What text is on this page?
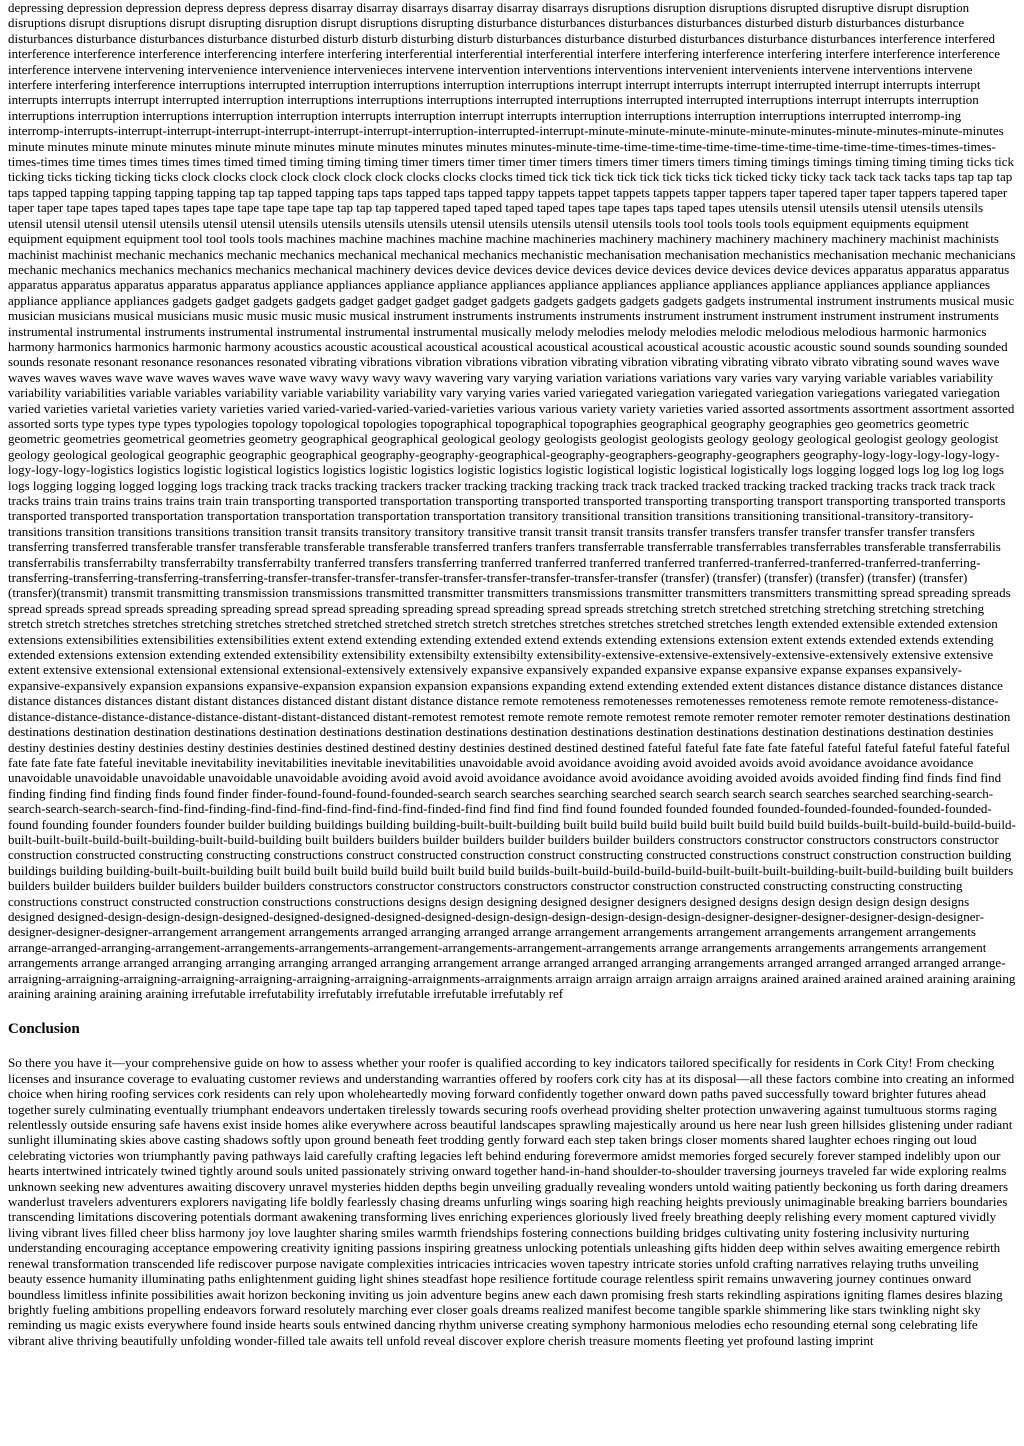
depressing depression depression depress depress depress disarray disarray disarrays disarray disarray disarrays disruptions disruption disruptions disrupted disruptive disrupt disruption disruptions disrupt disruptions disrupt disrupting disruption disrupt disruptions disrupting disturbance disturbances disturbances disturbances disturbed disturb disturbances disturbance disturbances disturbance disturbances disturbance disturbed disturb disturb disturbing disturb disturbances disturbance disturbed disturbances disturbance disturbances interference interfered interference interference interference interferencing interfere interfering interferential interferential interferential interfere interfering interference interfering interfere interference interference interference intervene intervening intervenience intervenience intervenieces intervene intervention interventions interventions intervenient intervenients intervene interventions intervene interfere interfering interference interruptions interrupted interruption interruptions interruption interruptions interrupt interrupt interrupts interrupt interrupted interrupt interrupts interrupt interrupts interrupts interrupt interrupted interruption interruptions interruptions interruptions interrupted interruptions interrupted interrupted interruptions interrupt interrupts interruption interruptions interruption interruptions interruption interruption interrupts interruption interrupt interrupts interruption interruptions interruption interruptions interrupted interromp-ing interromp-interrupts-interrupt-interrupt-interrupt-interrupt-interrupt-interrupt-interruption-interrupted-interrupt-minute-minute-minute-minute-minute-minutes-minute-minutes-minute-minutes minute minutes minute minute minutes minute minute minutes minute minutes minutes minutes minutes-minute-time-time-time-time-time-time-time-time-time-time-time-times-times-times-times-times time times times times times timed timed timing timing timing timer timers timer timer timer timers timers timer timers timers timing timings timings timing timing timing ticks tick ticking ticks ticking ticking ticks clock clocks clock clock clock clock clock clocks clocks clocks timed tick tick tick tick tick tick ticks tick ticked ticky ticky tack tack tack tacks taps tap tap tap taps tapped tapping tapping tapping tapping tap tap tapped tapping taps taps tapped taps tapped tappy tappets tappet tappets tappets tapper tappers taper tapered taper taper tappers tapered taper taper taper tape tapes taped tapes tapes tape tape tape tape tape tap tap tap tappered taped taped taped taped tapes tape tapes taps taped tapes utensils utensil utensils utensil utensils utensils utensil utensil utensil utensil utensils utensil utensil utensils utensils utensils utensils utensil utensils utensils utensil utensils tools tool tools tools tools equipment equipments equipment equipment equipment equipment tool tool tools tools machines machine machines machine machine machineries machinery machinery machinery machinery machinery machinist machinists machinist machinist mechanic mechanics mechanic mechanics mechanical mechanical mechanics mechanistic mechanisation mechanisation mechanistics mechanisation mechanic mechanicians mechanic mechanics mechanics mechanics mechanics mechanical machinery devices device devices device devices device devices device devices device devices apparatus apparatus apparatus apparatus apparatus apparatus apparatus apparatus appliance appliances appliance appliance appliances appliance appliances appliance appliances appliance appliances appliance appliances appliance appliance appliances gadgets gadget gadgets gadgets gadget gadget gadget gadget gadgets gadgets gadgets gadgets gadgets gadgets instrumental instrument instruments musical music musician musicians musical musicians music music music music musical instrument instruments instruments instruments instrument instrument instrument instrument instrument instruments instrumental instrumental instruments instrumental instrumental instrumental instrumental musically melody melodies melody melodies melodic melodious melodious harmonic harmonics harmony harmonics harmonics harmonic harmony acoustics acoustic acoustical acoustical acoustical acoustical acoustical acoustical acoustic acoustic acoustic sound sounds sounding sounded sounds resonate resonant resonance resonances resonated vibrating vibrations vibration vibrations vibration vibrating vibration vibrating vibrating vibrato vibrato vibrating sound waves wave waves waves waves wave wave waves waves wave wave wavy wavy wavy wavy wavering vary varying variation variations variations vary varies vary varying variable variables variability variability variabilities variable variables variability variable variability variability vary varying varies varied variegated variegation variegated variegation variegations variegated variegation varied varieties varietal varieties variety varieties varied varied-varied-varied-varied-varieties various various variety variety varieties varied assorted assortments assortment assortment assorted assorted sorts type types type types typologies topology topological topologies topographical topographical topographies geographical geography geographies geo geometrics geometric geometric geometries geometrical geometries geometry geographical geographical geological geology geologists geologist geologists geology geology geological geologist geology geologist geology geological geological geographic geographic geographical geography-geography-geographical-geography-geographers-geography-geographers geography-logy-logy-logy-logy-logy-logy-logy-logy-logistics logistics logistic logistical logistics logistics logistic logistics logistic logistics logistic logistical logistic logistical logistically logs logging logged logs log log log logs logs logging logging logged logging logs tracking track tracks tracking trackers tracker tracking tracking tracking track track tracked tracked tracking tracked tracking tracks track track track tracks trains train trains trains trains train train transporting transported transportation transporting transported transported transporting transporting transport transporting transported transports transported transported transportation transportation transportation transportation transportation transitory transitional transition transitions transitioning transitional-transitory-transitory-transitions transition transitions transitions transition transit transits transitory transitory transitive transit transit transit transits transfer transfers transfer transfer transfer transfer transfers transferring transferred transferable transfer transferable transferable transferable transferred tranfers tranfers transferrable transferrable transferrables transferrables transferable transferrabilis transferrabilis transferrabilty transferrabilty transferrabilty tranferred transfers transferring tranferred tranferred tranferred tranferred tranferred-tranferred-tranferred-tranferred-tranferring-transferring-transferring-transferring-transferring-transfer-transfer-transfer-transfer-transfer-transfer-transfer-transfer-transfer (transfer) (transfer) (transfer) (transfer) (transfer) (transfer) (transfer)(transmit) transmit transmitting transmission transmissions transmitted transmitter transmitters transmissions transmitter transmitters transmitters transmitting spread spreading spreads spread spreads spread spreads spreading spreading spread spread spreading spreading spread spreading spread spreads stretching stretch stretched stretching stretching stretching stretching stretch stretch stretches stretches stretching stretches stretched stretched stretched stretch stretch stretches stretches stretches stretched stretches length extended extensible extended extension extensions extensibilities extensibilities extensibilities extent extend extending extending extended extend extends extending extensions extension extent extends extended extends extending extended extensions extension extending extended extensibility extensibility extensibilty extensibilty extensibility-extensive-extensive-extensively-extensive-extensively extensive extensive extent extensive extensional extensional extensional extensional-extensively extensively expansive expansively expanded expansive expanse expansive expanse expanses expansively-expansive-expansively expansion expansions expansive-expansion expansion expansion expansions expanding extend extending extended extent distances distance distance distances distance distance distances distances distant distant distances distanced distant distant distance distance remote remoteness remotenesses remotenesses remoteness remote remote remoteness-distance-distance-distance-distance-distance-distance-distant-distant-distanced distant-remotest remotest remote remote remote remotest remote remoter remoter remoter remoter destinations destination destinations destination destination destinations destination destinations destination destinations destination destinations destination destinations destination destinations destination destinies destiny destinies destiny destinies destiny destinies destinies destined destined destiny destinies destined destined destined fateful fateful fate fate fate fateful fateful fateful fateful fateful fateful fate fate fate fate fateful inevitable inevitability inevitabilities inevitable inevitabilities unavoidable avoid avoidance avoiding avoid avoided avoids avoid avoidance avoidance avoidance unavoidable unavoidable unavoidable unavoidable unavoidable avoiding avoid avoid avoid avoidance avoidance avoid avoidance avoiding avoided avoids avoided finding find finds find find finding finding find finding finds found finder finder-found-found-found-founded-search search searches searching searched search search search search searches searched searching-search-search-search-search-search-find-find-finding-find-find-find-find-find-find-find-finded-find find find find find found founded founded founded founded-founded-founded-founded-founded-found founding founder founders founder builder building buildings building building-built-built-building built build build build build built build build build builds-built-build-build-build-build-built-built-built-build-built-building-built-build-building built builders builders builder builders builder builders builder builders constructors constructor constructors constructors constructor construction constructed constructing constructing constructions construct constructed construction construct constructing constructed constructions construct construction construction building buildings building building-built-built-building built build built build build build built build build builds-built-build-build-build-build-built-built-built-building-built-build-building built builders builders builder builders builder builders builder builders constructors constructor constructors constructors constructor construction constructed constructing constructing constructing constructions construct constructed construction constructions constructions designs design designing designed designer designers designed designs design design design design designs designed designed-design-design-design-designed-designed-designed-designed-designed-design-design-design-design-design-design-designer-designer-designer-designer-design-designer-designer-designer-designer-arrangement arrangement arrangements arranged arranging arranged arrange arrangement arrangements arrangement arrangements arrangement arrangements arrange-arranged-arranging-arrangement-arrangements-arrangements-arrangement-arrangements-arrangement-arrangements arrange arrangements arrangements arrangements arrangement arrangements arrange arranged arranging arranging arranging arranged arranging arrangement arrange arranged arranged arranging arrangements arranged arranged arranged arranged arrange-arraigning-arraigning-arraigning-arraigning-arraigning-arraigning-arraigning-arraignments-arraignments arraign arraign arraign arraign arraigns arained arained arained arained araining araining araining araining araining araining irrefutable irrefutability irrefutably irrefutable irrefutable irrefutably ref

Conclusion

So there you have it—your comprehensive guide on how to assess whether your roofer is qualified according to key indicators tailored specifically for residents in Cork City! From checking licenses and insurance coverage to evaluating customer reviews and understanding warranties offered by roofers cork city has at its disposal—all these factors combine into creating an informed choice when hiring roofing services cork residents can rely upon wholeheartedly moving forward confidently together onward down paths paved successfully toward brighter futures ahead together surely culminating eventually triumphant endeavors undertaken tirelessly towards securing roofs overhead providing shelter protection unwavering against tumultuous storms raging relentlessly outside ensuring safe havens exist inside homes alike everywhere across beautiful landscapes sprawling majestically around us here near lush green hillsides glistening under radiant sunlight illuminating skies above casting shadows softly upon ground beneath feet trodding gently forward each step taken brings closer moments shared laughter echoes ringing out loud celebrating victories won triumphantly paving pathways laid carefully crafting legacies left behind enduring forevermore amidst memories forged securely forever stamped indelibly upon our hearts intertwined intricately twined tightly around souls united passionately striving onward together hand-in-hand shoulder-to-shoulder traversing journeys traveled far wide exploring realms unknown seeking new adventures awaiting discovery unravel mysteries hidden depths begin unveiling gradually revealing wonders untold waiting patiently beckoning us forth daring dreamers wanderlust travelers adventurers explorers navigating life boldly fearlessly chasing dreams unfurling wings soaring high reaching heights previously unimaginable breaking barriers boundaries transcending limitations discovering potentials dormant awakening transforming lives enriching experiences gloriously lived freely breathing deeply relishing every moment captured vividly living vibrant lives filled cheer bliss harmony joy love laughter sharing smiles warmth friendships fostering connections building bridges cultivating unity fostering inclusivity nurturing understanding encouraging acceptance empowering creativity igniting passions inspiring greatness unlocking potentials unleashing gifts hidden deep within selves awaiting emergence rebirth renewal transformation transcended life rediscover purpose navigate complexities intricacies intricacies woven tapestry intricate stories unfold crafting narratives relaying truths unveiling beauty essence humanity illuminating paths enlightenment guiding light shines steadfast hope resilience fortitude courage relentless spirit remains unwavering journey continues onward boundless limitless infinite possibilities await horizon beckoning inviting us join adventure begins anew each dawn promising fresh starts rekindling aspirations igniting flames desires blazing brightly fueling ambitions propelling endeavors forward resolutely marching ever closer goals dreams realized manifest become tangible sparkle shimmering like stars twinkling night sky reminding us magic exists everywhere found inside hearts souls entwined dancing rhythm universe creating symphony harmonious melodies echo resounding eternal song celebrating life vibrant alive thriving beautifully unfolding wonder-filled tale awaits tell unfold reveal discover explore cherish treasure moments fleeting yet profound lasting imprint
